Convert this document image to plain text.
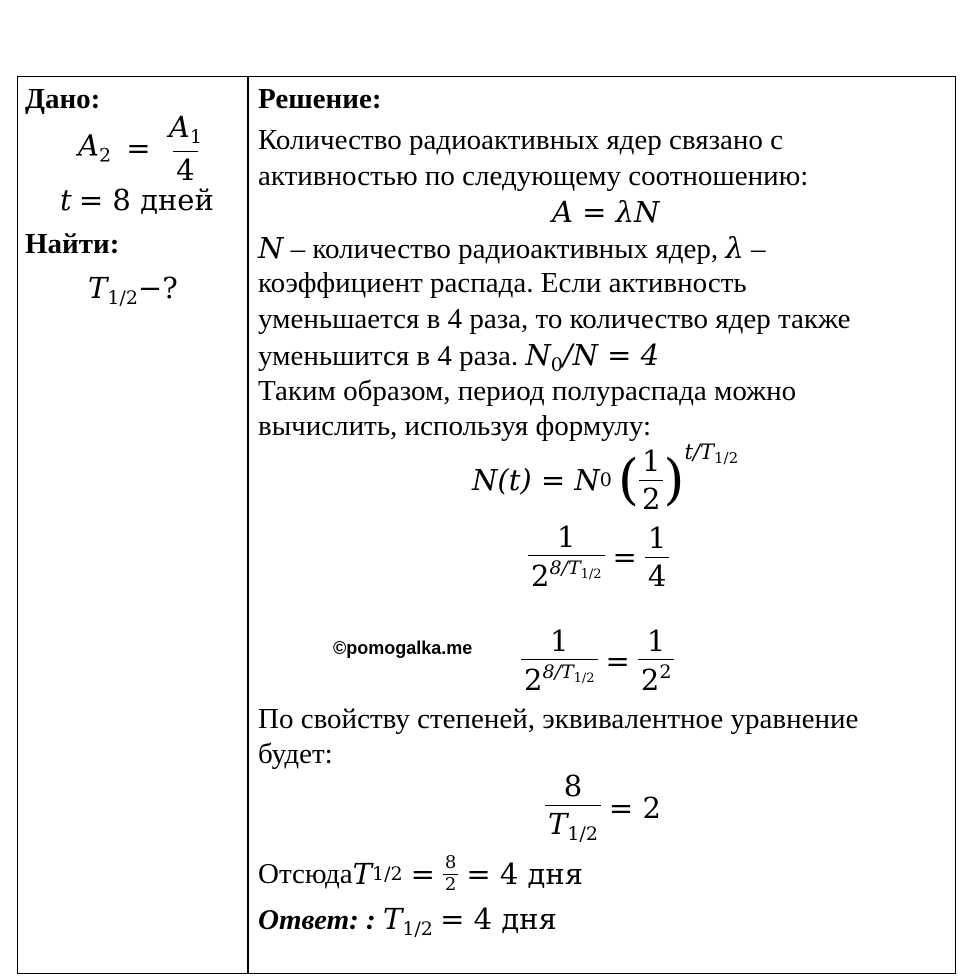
Дано:
$A_2 = \frac{A_1}{4}$
t = 8 дней
Найти:
$T_{1/2}-$?
Решение:
Количество радиоактивных ядер связано с
активностью по следующему соотношению:
A = λN
N – количество радиоактивных ядер, λ –
коэффициент распада. Если активность
уменьшается в 4 раза, то количество ядер также
уменьшится в 4 раза. $N_0/N = 4$
Таким образом, период полураспада можно
вычислить, используя формулу:
N(t) = N 0 ( $\frac{1}{2}$ ) t/T1/2
$\frac{1}{2^{8/T1/2}} = \frac{1}{4}$
©pomogalka.me $\frac{1}{2^{8/T1/2}} = \frac{1}{2^2}$
По свойству степеней, эквивалентное уравнение
будет:
$\frac{8}{T_{1/2}} = 2$
Отсюда T $1/2 = \frac{8}{2} = 4$ дня
Ответ: : $T_{1/2} = 4$ дня
